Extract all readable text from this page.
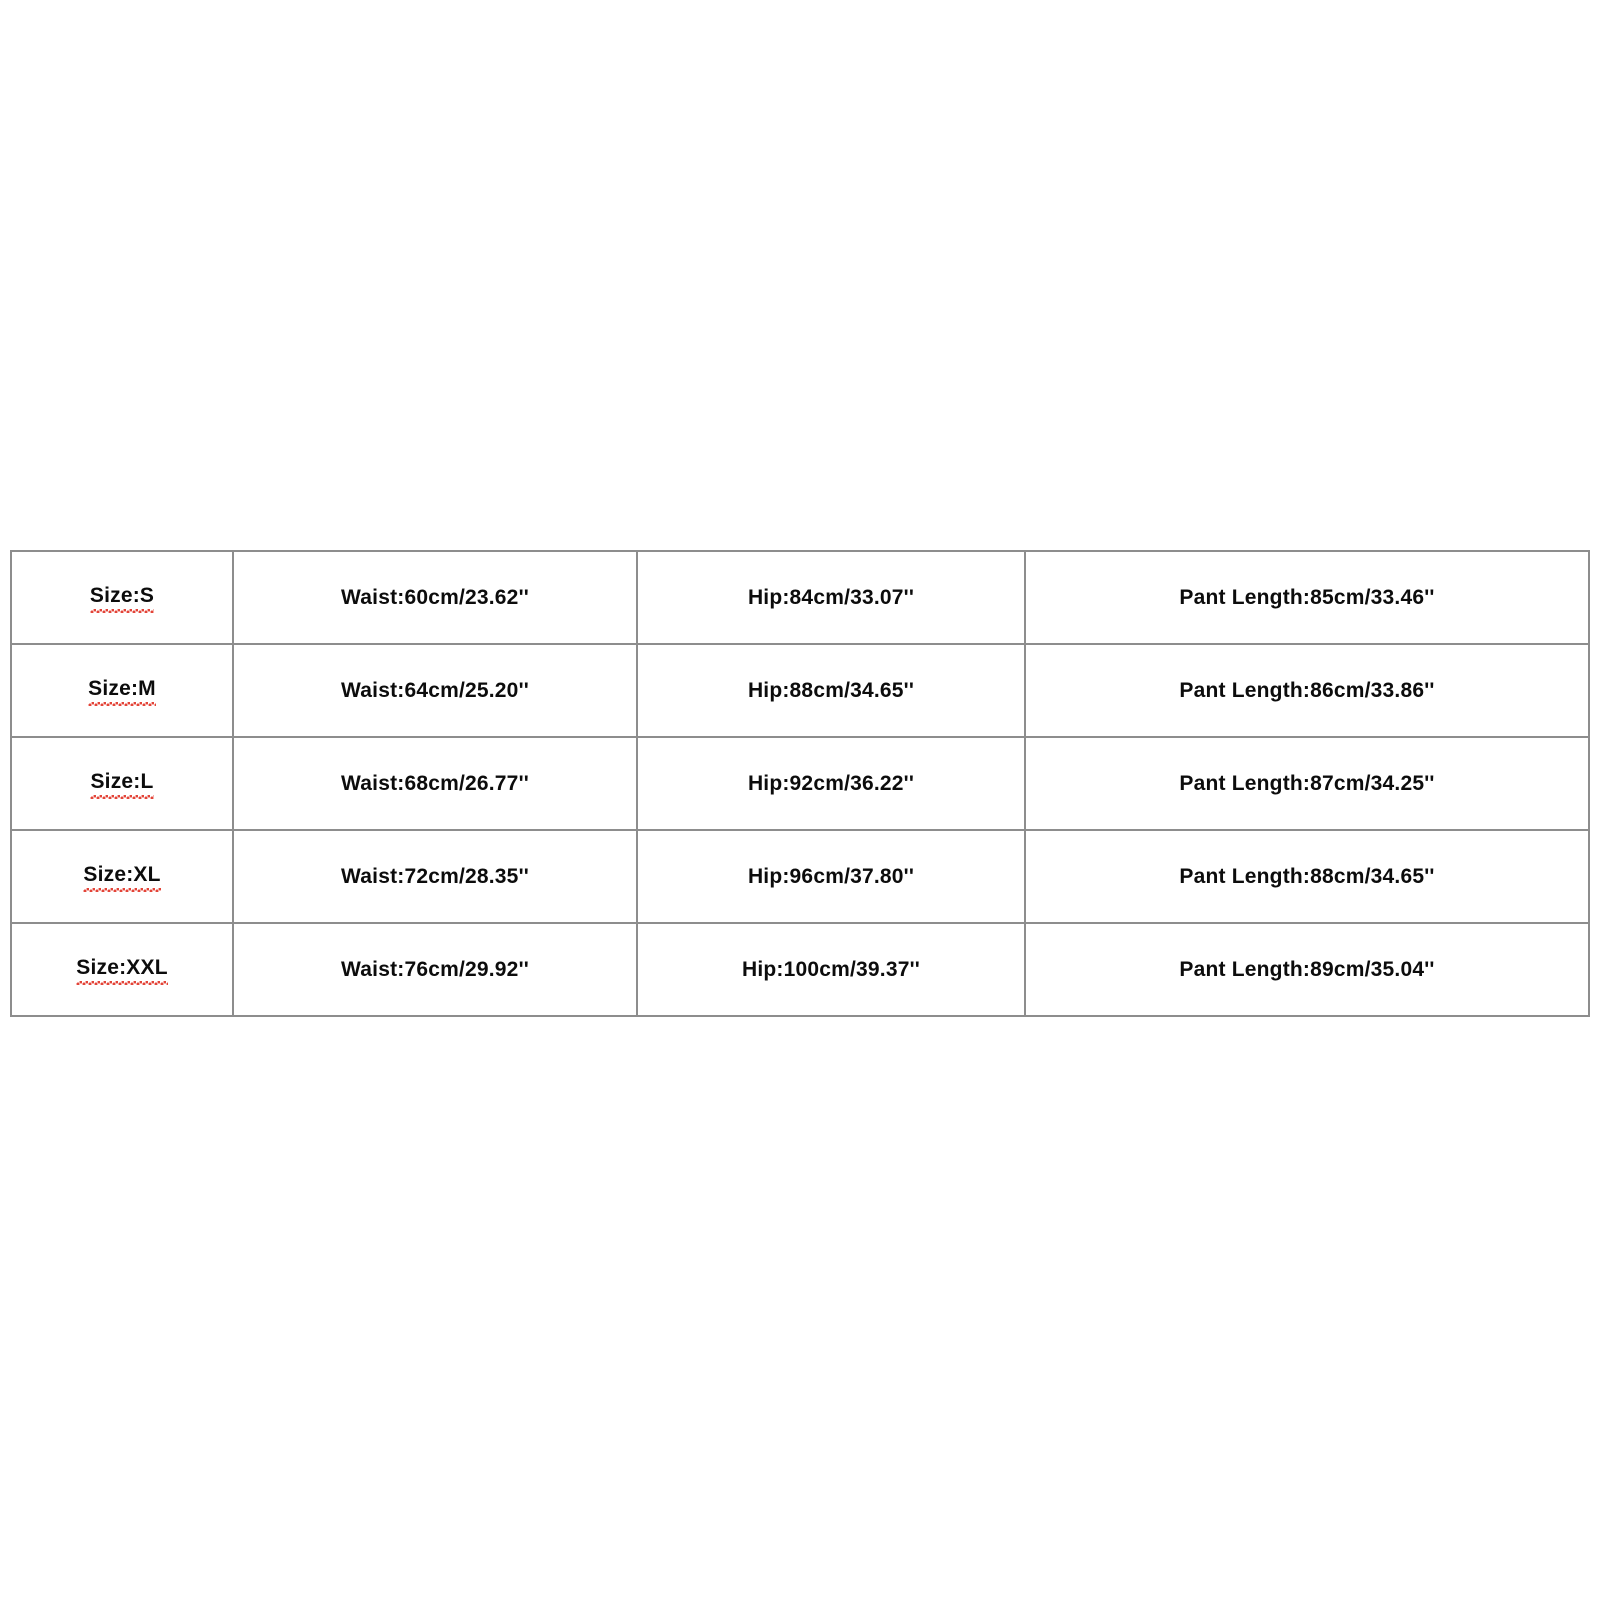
Size:S	Waist:60cm/23.62''	Hip:84cm/33.07''	Pant Length:85cm/33.46''
Size:M	Waist:64cm/25.20''	Hip:88cm/34.65''	Pant Length:86cm/33.86''
Size:L	Waist:68cm/26.77''	Hip:92cm/36.22''	Pant Length:87cm/34.25''
Size:XL	Waist:72cm/28.35''	Hip:96cm/37.80''	Pant Length:88cm/34.65''
Size:XXL	Waist:76cm/29.92''	Hip:100cm/39.37''	Pant Length:89cm/35.04''
